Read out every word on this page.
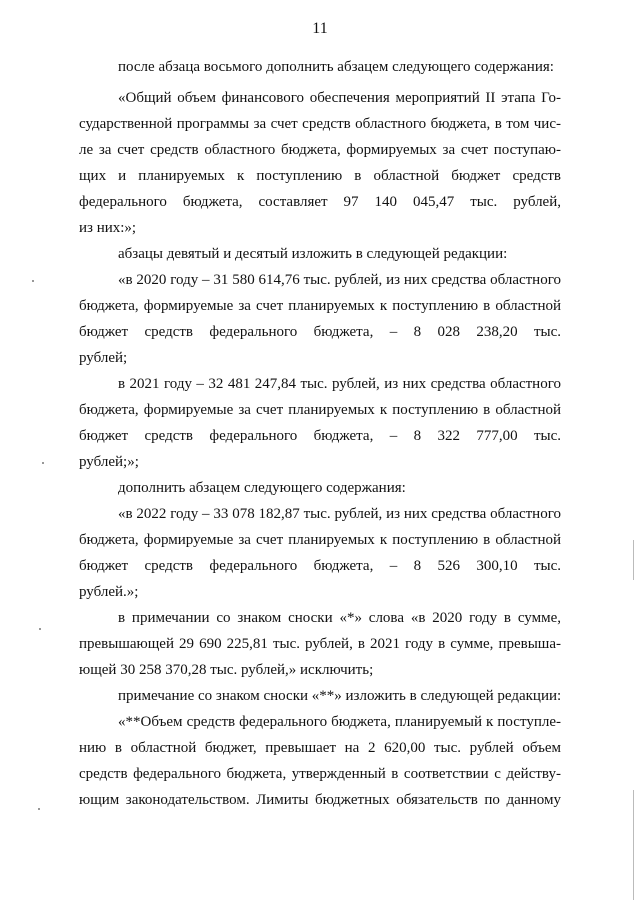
11
после абзаца восьмого дополнить абзацем следующего содержания:
«Общий объем финансового обеспечения мероприятий II этапа Го-
сударственной программы за счет средств областного бюджета, в том чис-
ле за счет средств областного бюджета, формируемых за счет поступаю-
щих и планируемых к поступлению в областной бюджет средств
федерального бюджета, составляет 97 140 045,47 тыс. рублей,
из них:»;
абзацы девятый и десятый изложить в следующей редакции:
«в 2020 году – 31 580 614,76 тыс. рублей, из них средства областного
бюджета, формируемые за счет планируемых к поступлению в областной
бюджет средств федерального бюджета, – 8 028 238,20 тыс.
рублей;
в 2021 году – 32 481 247,84 тыс. рублей, из них средства областного
бюджета, формируемые за счет планируемых к поступлению в областной
бюджет средств федерального бюджета, – 8 322 777,00 тыс.
рублей;»;
дополнить абзацем следующего содержания:
«в 2022 году – 33 078 182,87 тыс. рублей, из них средства областного
бюджета, формируемые за счет планируемых к поступлению в областной
бюджет средств федерального бюджета, – 8 526 300,10 тыс.
рублей.»;
в примечании со знаком сноски «*» слова «в 2020 году в сумме,
превышающей 29 690 225,81 тыс. рублей, в 2021 году в сумме, превыша-
ющей 30 258 370,28 тыс. рублей,» исключить;
примечание со знаком сноски «**» изложить в следующей редакции:
«**Объем средств федерального бюджета, планируемый к поступле-
нию в областной бюджет, превышает на 2 620,00 тыс. рублей объем
средств федерального бюджета, утвержденный в соответствии с действу-
ющим законодательством. Лимиты бюджетных обязательств по данному
